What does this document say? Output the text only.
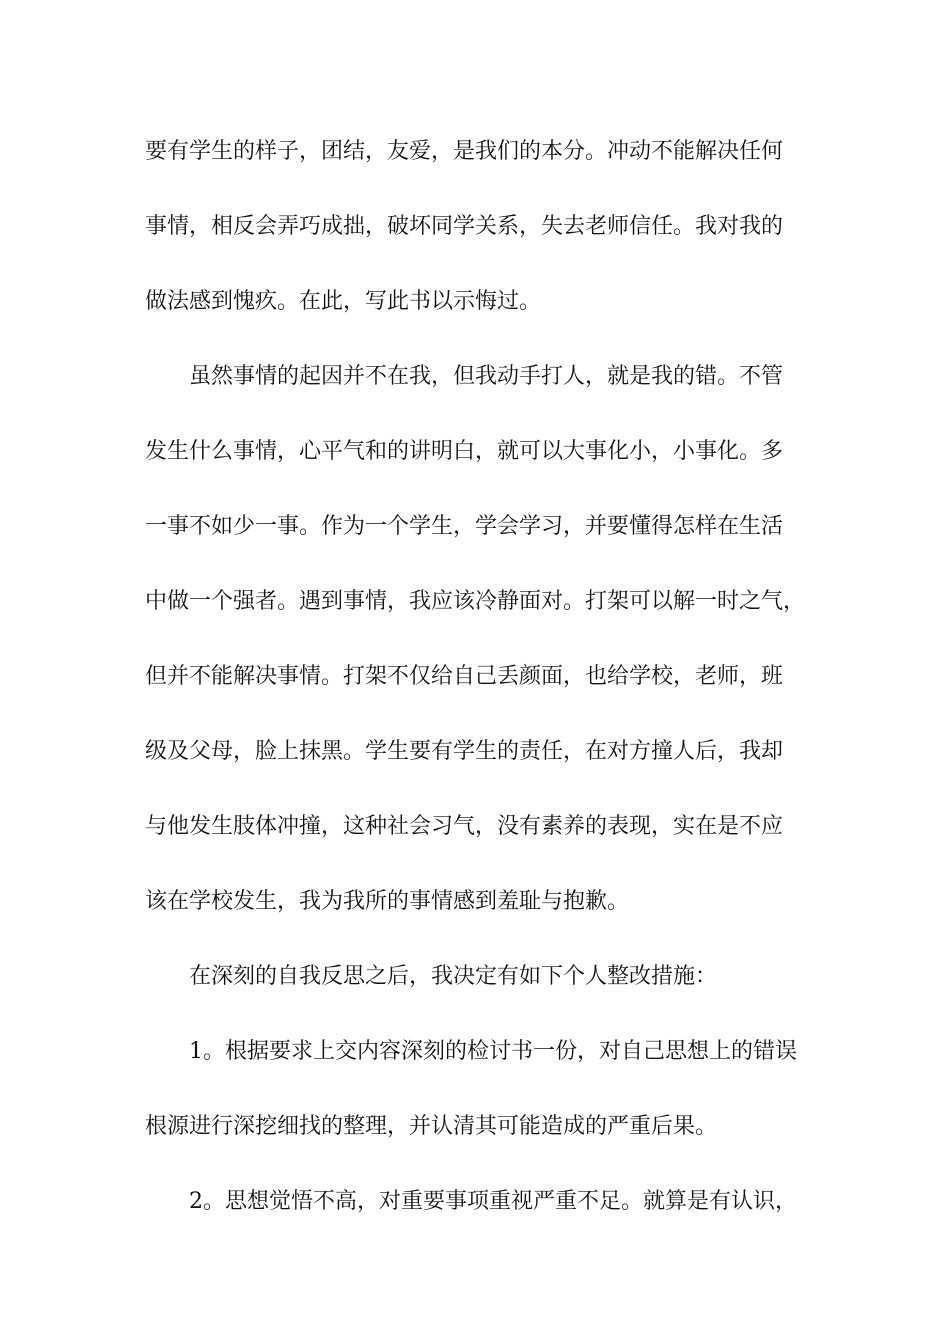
要有学生的样子，团结，友爱，是我们的本分。冲动不能解决任何
事情，相反会弄巧成拙，破坏同学关系，失去老师信任。我对我的
做法感到愧疚。在此，写此书以示悔过。
虽然事情的起因并不在我，但我动手打人，就是我的错。不管
发生什么事情，心平气和的讲明白，就可以大事化小，小事化。多
一事不如少一事。作为一个学生，学会学习，并要懂得怎样在生活
中做一个强者。遇到事情，我应该冷静面对。打架可以解一时之气，
但并不能解决事情。打架不仅给自己丢颜面，也给学校，老师，班
级及父母，脸上抹黑。学生要有学生的责任，在对方撞人后，我却
与他发生肢体冲撞，这种社会习气，没有素养的表现，实在是不应
该在学校发生，我为我所的事情感到羞耻与抱歉。
在深刻的自我反思之后，我决定有如下个人整改措施：
1。根据要求上交内容深刻的检讨书一份，对自己思想上的错误
根源进行深挖细找的整理，并认清其可能造成的严重后果。
2。思想觉悟不高，对重要事项重视严重不足。就算是有认识，
